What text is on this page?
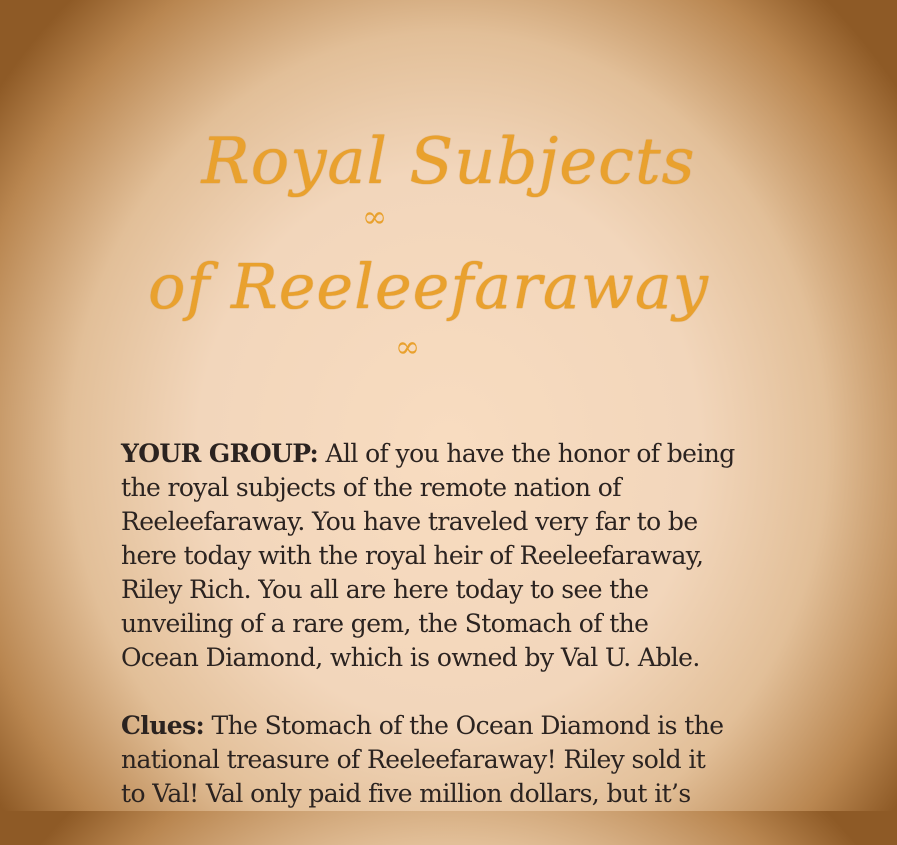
Royal Subjects
∞
of Reeleefaraway
∞
YOUR GROUP: All of you have the honor of being
the royal subjects of the remote nation of
Reeleefaraway. You have traveled very far to be
here today with the royal heir of Reeleefaraway,
Riley Rich. You all are here today to see the
unveiling of a rare gem, the Stomach of the
Ocean Diamond, which is owned by Val U. Able.
Clues: The Stomach of the Ocean Diamond is the
national treasure of Reeleefaraway! Riley sold it
to Val! Val only paid five million dollars, but it’s
